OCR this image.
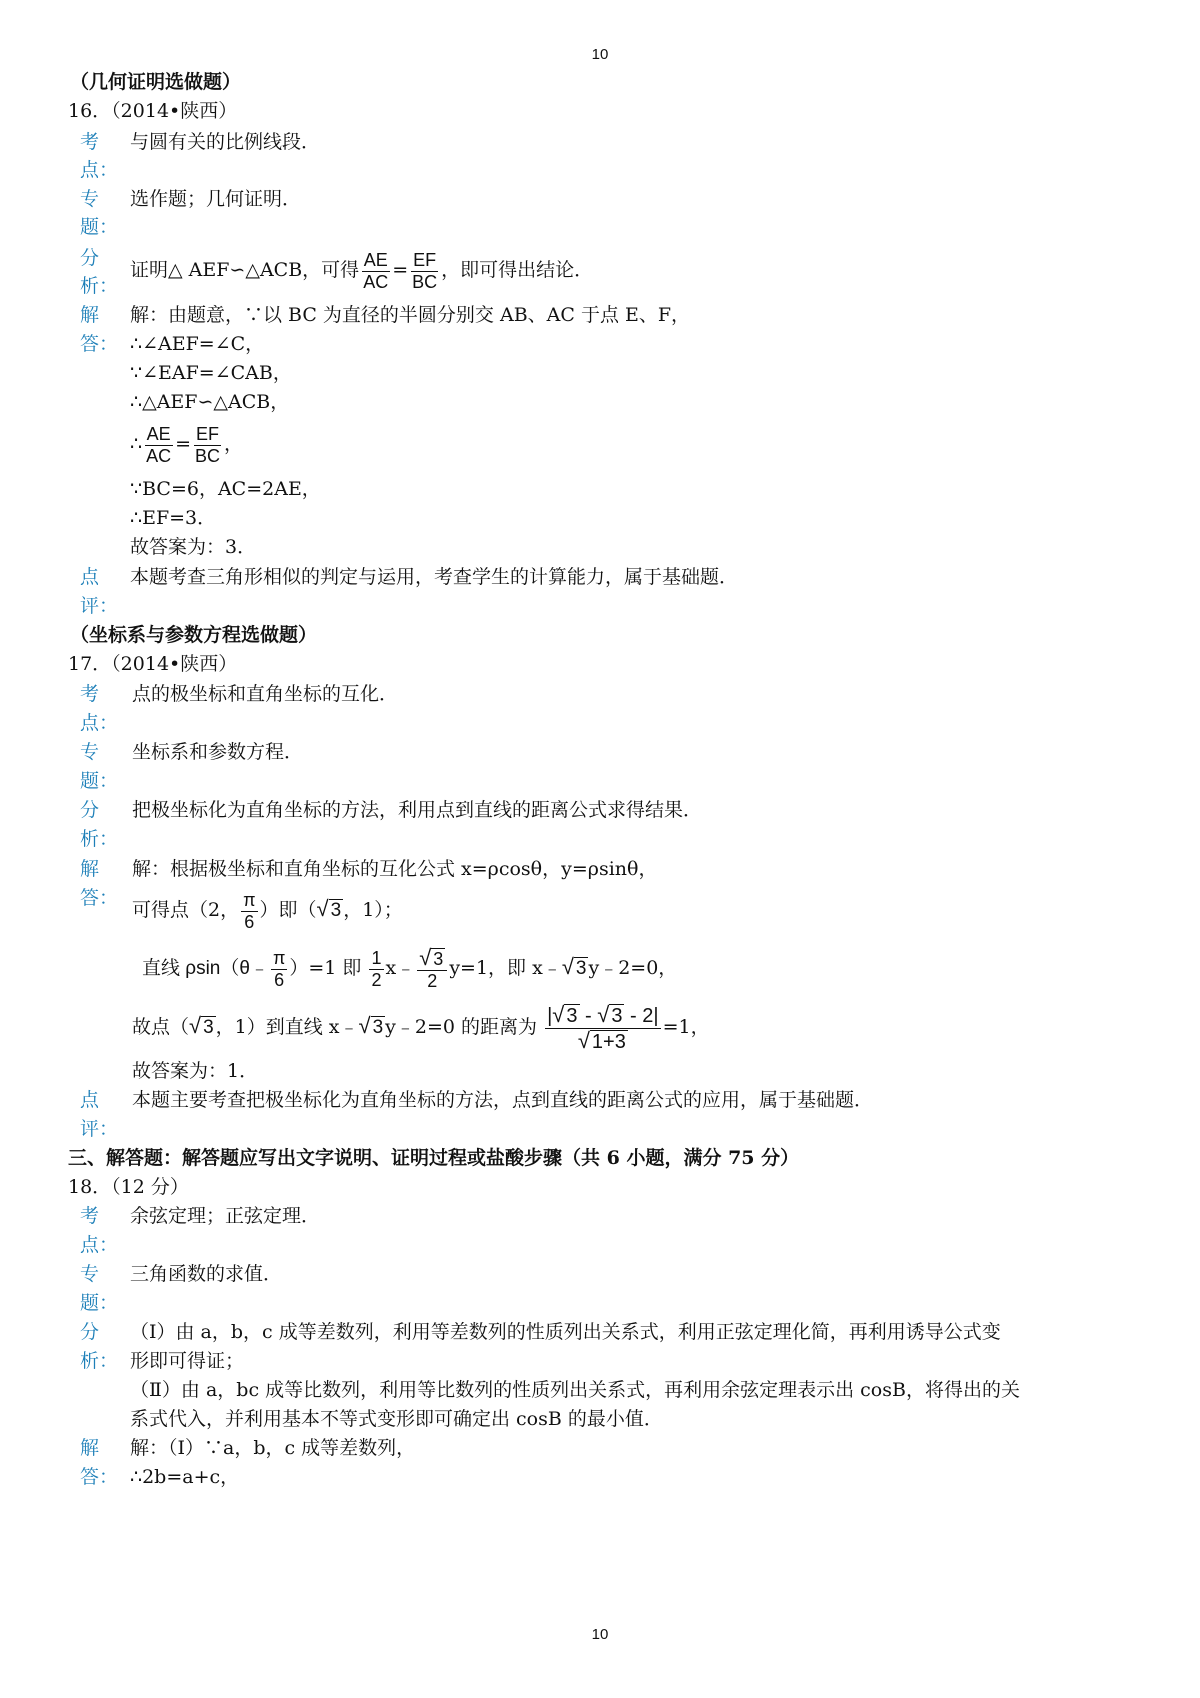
10
（几何证明选做题）
16．（2014•陕西）
考
点：
与圆有关的比例线段．
专
题：
选作题；几何证明．
分
析：
证明△ AEF∽△ACB，可得 $\frac{AE}{AC} = \frac{EF}{BC}$ ，即可得出结论．
解
答：
解：由题意，∵以 BC 为直径的半圆分别交 AB、AC 于点 E、F，
∴∠AEF=∠C，
∵∠EAF=∠CAB，
∴△AEF∽△ACB，
∴ $\frac{AE}{AC} = \frac{EF}{BC}$ ，
∵BC=6，AC=2AE，
∴EF=3．
故答案为：3．
点
评：
本题考查三角形相似的判定与运用，考查学生的计算能力，属于基础题．
（坐标系与参数方程选做题）
17．（2014•陕西）
考
点：
点的极坐标和直角坐标的互化．
专
题：
坐标系和参数方程．
分
析：
把极坐标化为直角坐标的方法，利用点到直线的距离公式求得结果．
解
答：
解：根据极坐标和直角坐标的互化公式 x=ρcosθ，y=ρsinθ，
可得点（2， $\frac{\pi}{6}$ ）即（√ 3 ，1）；
直线 ρsin（θ﹣ $\frac{\pi}{6} )=1$ 即 $\frac{1}{2}$ x﹣ $\frac{√ 3}{2} y=1$，即 x﹣√ 3 y﹣2=0，
故点（√ 3 ，1）到直线 x﹣√ 3 y﹣2=0 的距离为 $\frac{|√ 3 - √ 3 - 2|}{√ 1+3} =1$，
故答案为：1．
点
评：
本题主要考查把极坐标化为直角坐标的方法，点到直线的距离公式的应用，属于基础题．
三、解答题：解答题应写出文字说明、证明过程或盐酸步骤（共 6 小题，满分 75 分）
18．（12 分）
考
点：
余弦定理；正弦定理．
专
题：
三角函数的求值．
分
析：
（Ⅰ）由 a，b，c 成等差数列，利用等差数列的性质列出关系式，利用正弦定理化简，再利用诱导公式变
形即可得证；
（Ⅱ）由 a，bc 成等比数列，利用等比数列的性质列出关系式，再利用余弦定理表示出 cosB，将得出的关
系式代入，并利用基本不等式变形即可确定出 cosB 的最小值．
解
答：
解：（Ⅰ）∵a，b，c 成等差数列，
∴2b=a+c，
10
